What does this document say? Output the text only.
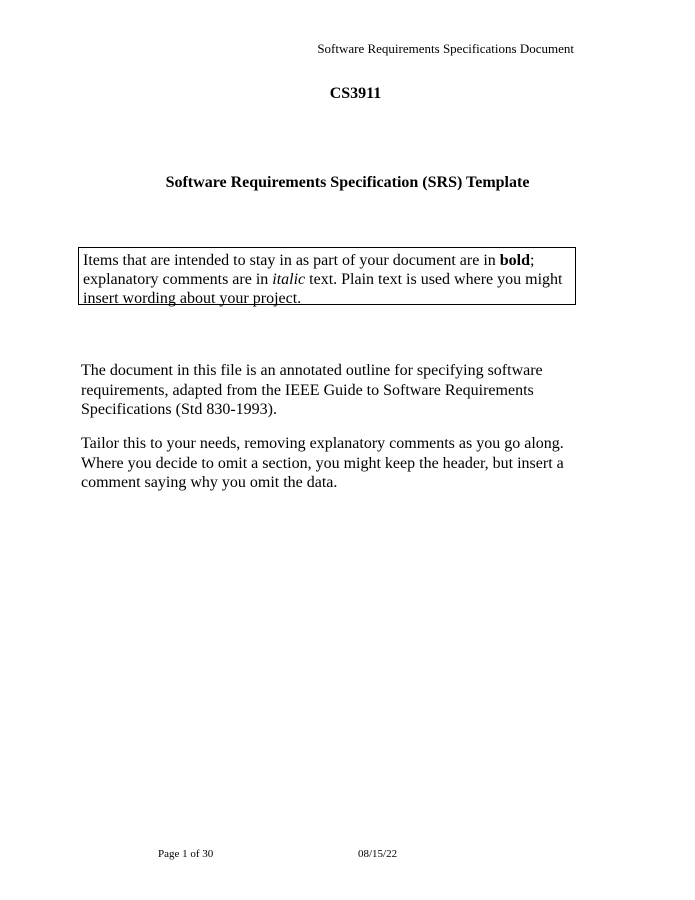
Software Requirements Specifications Document
CS3911
Software Requirements Specification (SRS) Template
Items that are intended to stay in as part of your document are in bold;
explanatory comments are in italic text. Plain text is used where you might
insert wording about your project.
The document in this file is an annotated outline for specifying software
requirements, adapted from the IEEE Guide to Software Requirements
Specifications (Std 830-1993).
Tailor this to your needs, removing explanatory comments as you go along.
Where you decide to omit a section, you might keep the header, but insert a
comment saying why you omit the data.
Page 1 of 30	08/15/22
